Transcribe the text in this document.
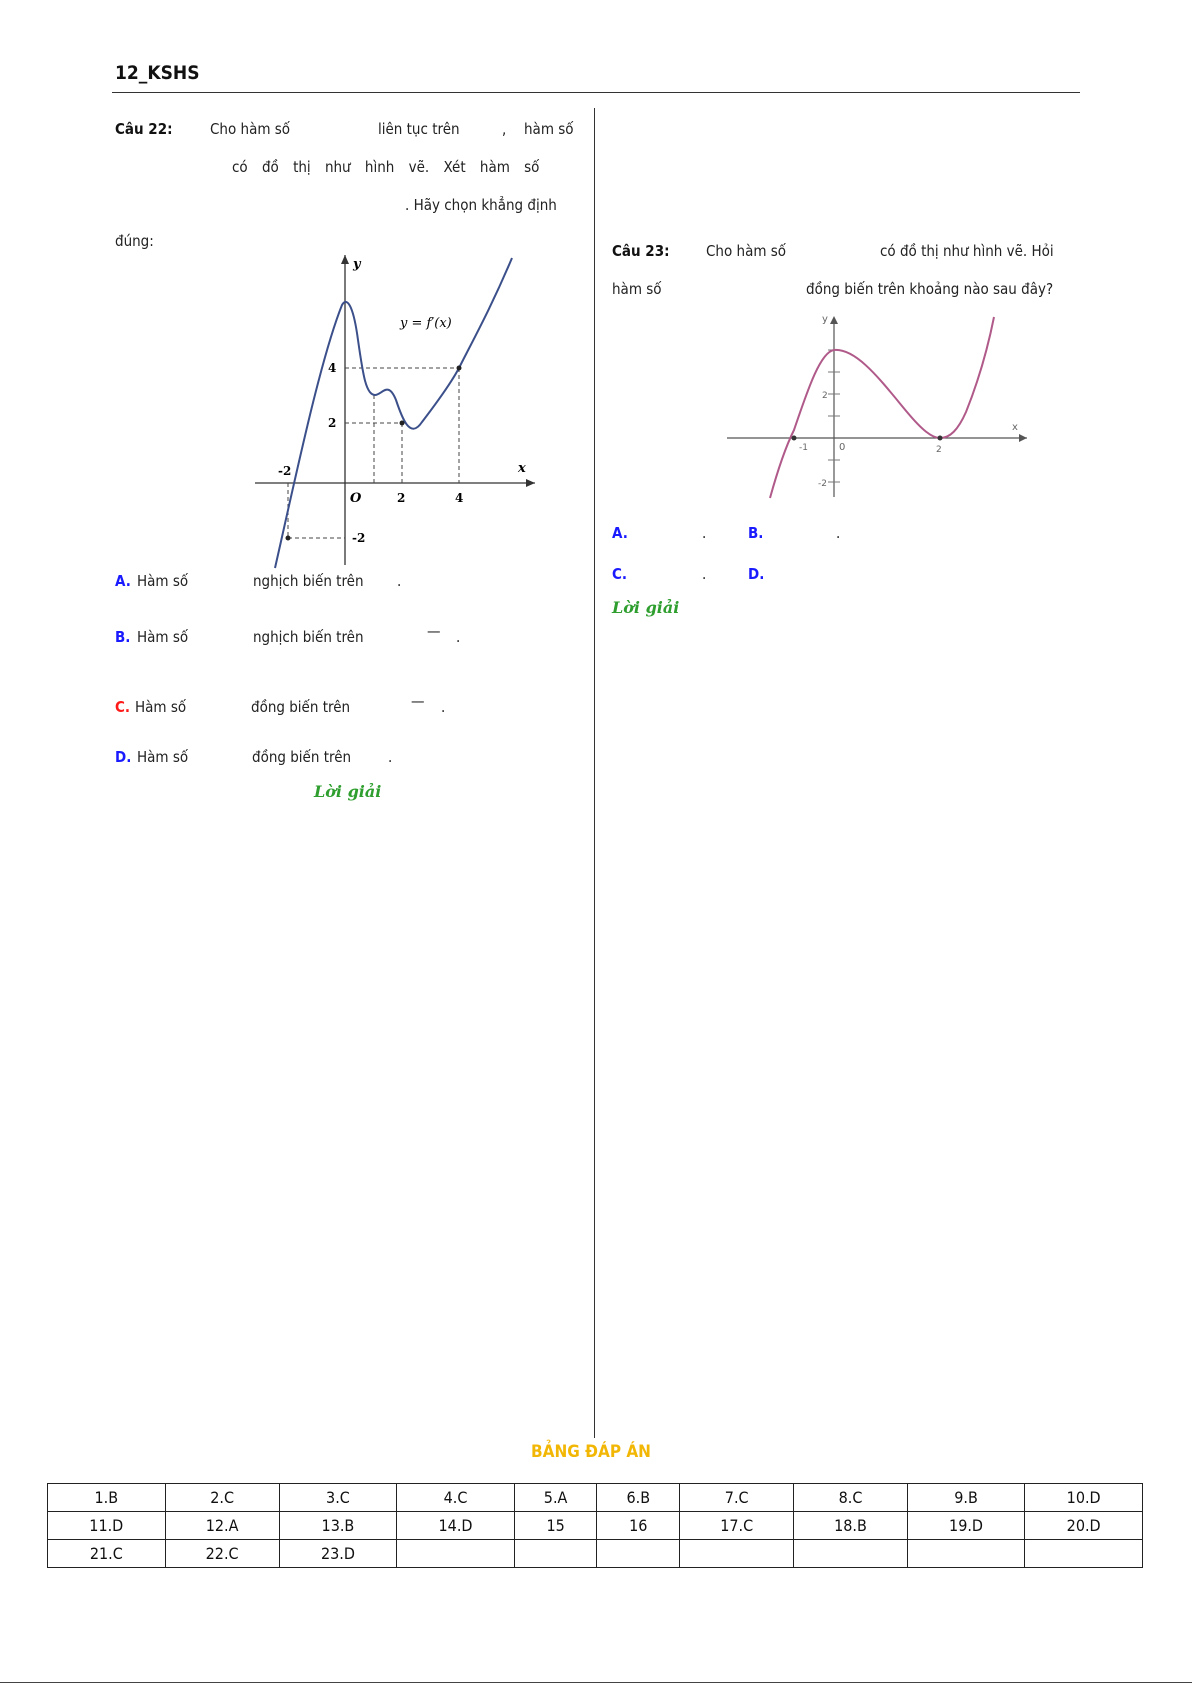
12_KSHS
Câu 22:	Cho hàm số	liên tục trên	, hàm số
có đồ thị như hình vẽ. Xét hàm số
. Hãy chọn khẳng định
đúng:
y
x
O
y = f′(x)
4
2
-2
-2
2	4
A. Hàm số	nghịch biến trên .
B. Hàm số	nghịch biến trên	— .
C. Hàm số	đồng biến trên	— .
D. Hàm số	đồng biến trên .
Lời giải
Câu 23: Cho hàm số	có đồ thị như hình vẽ. Hỏi
hàm số	đồng biến trên khoảng nào sau đây?
y
x
0
-1	2
2
-2
A.	.	B.	.
C.	.	D.
Lời giải
BẢNG ĐÁP ÁN
1.B	2.C	3.C	4.C	5.A	6.B	7.C	8.C	9.B	10.D
11.D	12.A	13.B	14.D	15	16	17.C	18.B	19.D	20.D
21.C	22.C	23.D							
